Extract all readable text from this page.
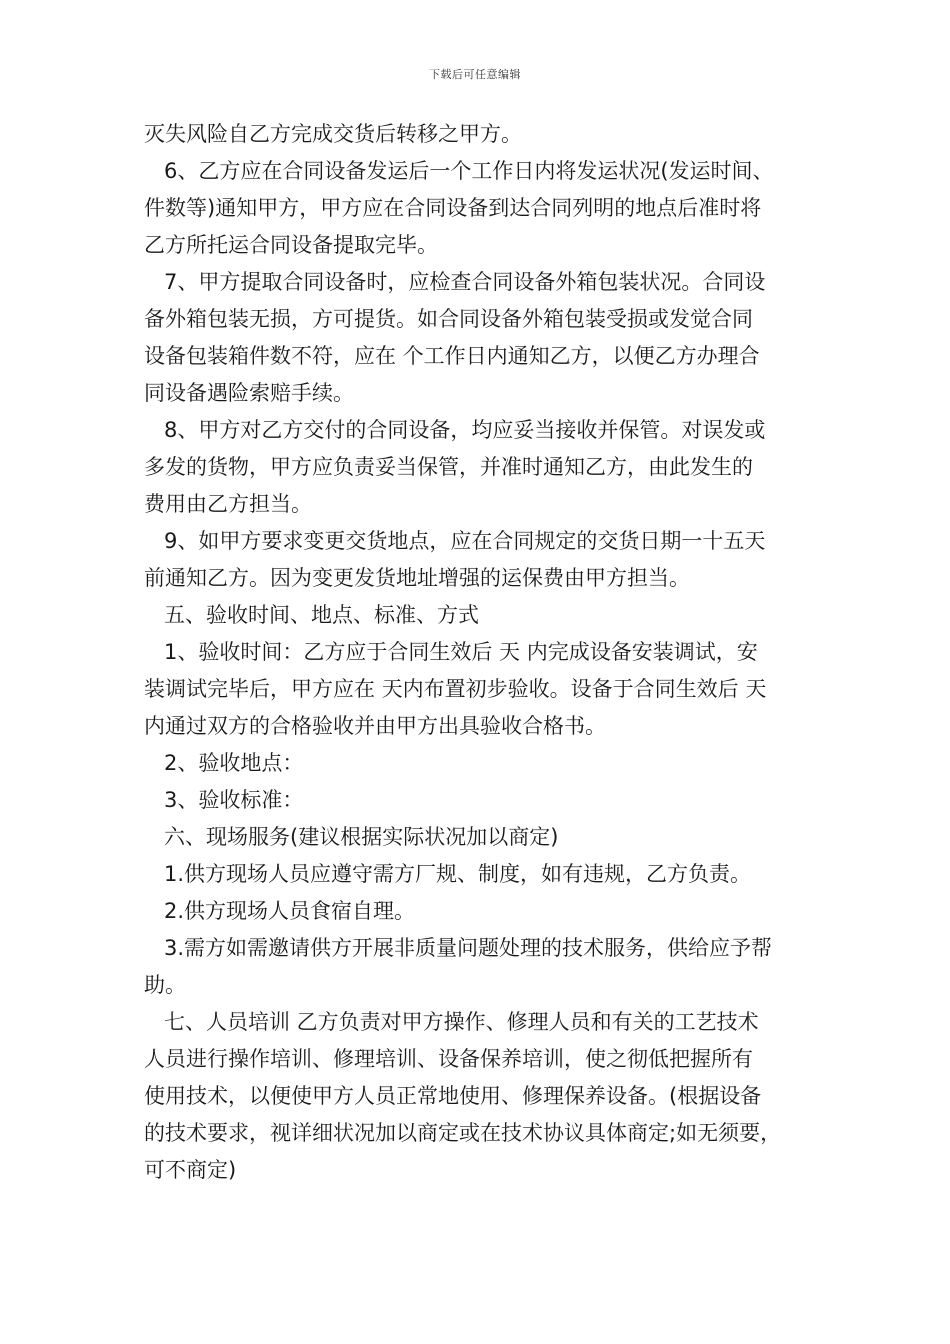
下载后可任意编辑

灭失风险自乙方完成交货后转移之甲方。
6、乙方应在合同设备发运后一个工作日内将发运状况(发运时间、
件数等)通知甲方，甲方应在合同设备到达合同列明的地点后准时将
乙方所托运合同设备提取完毕。
7、甲方提取合同设备时，应检查合同设备外箱包装状况。合同设
备外箱包装无损，方可提货。如合同设备外箱包装受损或发觉合同
设备包装箱件数不符，应在 个工作日内通知乙方，以便乙方办理合
同设备遇险索赔手续。
8、甲方对乙方交付的合同设备，均应妥当接收并保管。对误发或
多发的货物，甲方应负责妥当保管，并准时通知乙方，由此发生的
费用由乙方担当。
9、如甲方要求变更交货地点，应在合同规定的交货日期一十五天
前通知乙方。因为变更发货地址增强的运保费由甲方担当。
五、验收时间、地点、标准、方式
1、验收时间：乙方应于合同生效后 天 内完成设备安装调试，安
装调试完毕后，甲方应在 天内布置初步验收。设备于合同生效后 天
内通过双方的合格验收并由甲方出具验收合格书。
2、验收地点：
3、验收标准：
六、现场服务(建议根据实际状况加以商定)
1.供方现场人员应遵守需方厂规、制度，如有违规，乙方负责。
2.供方现场人员食宿自理。
3.需方如需邀请供方开展非质量问题处理的技术服务，供给应予帮
助。
七、人员培训 乙方负责对甲方操作、修理人员和有关的工艺技术
人员进行操作培训、修理培训、设备保养培训，使之彻低把握所有
使用技术，以便使甲方人员正常地使用、修理保养设备。(根据设备
的技术要求，视详细状况加以商定或在技术协议具体商定;如无须要，
可不商定)
